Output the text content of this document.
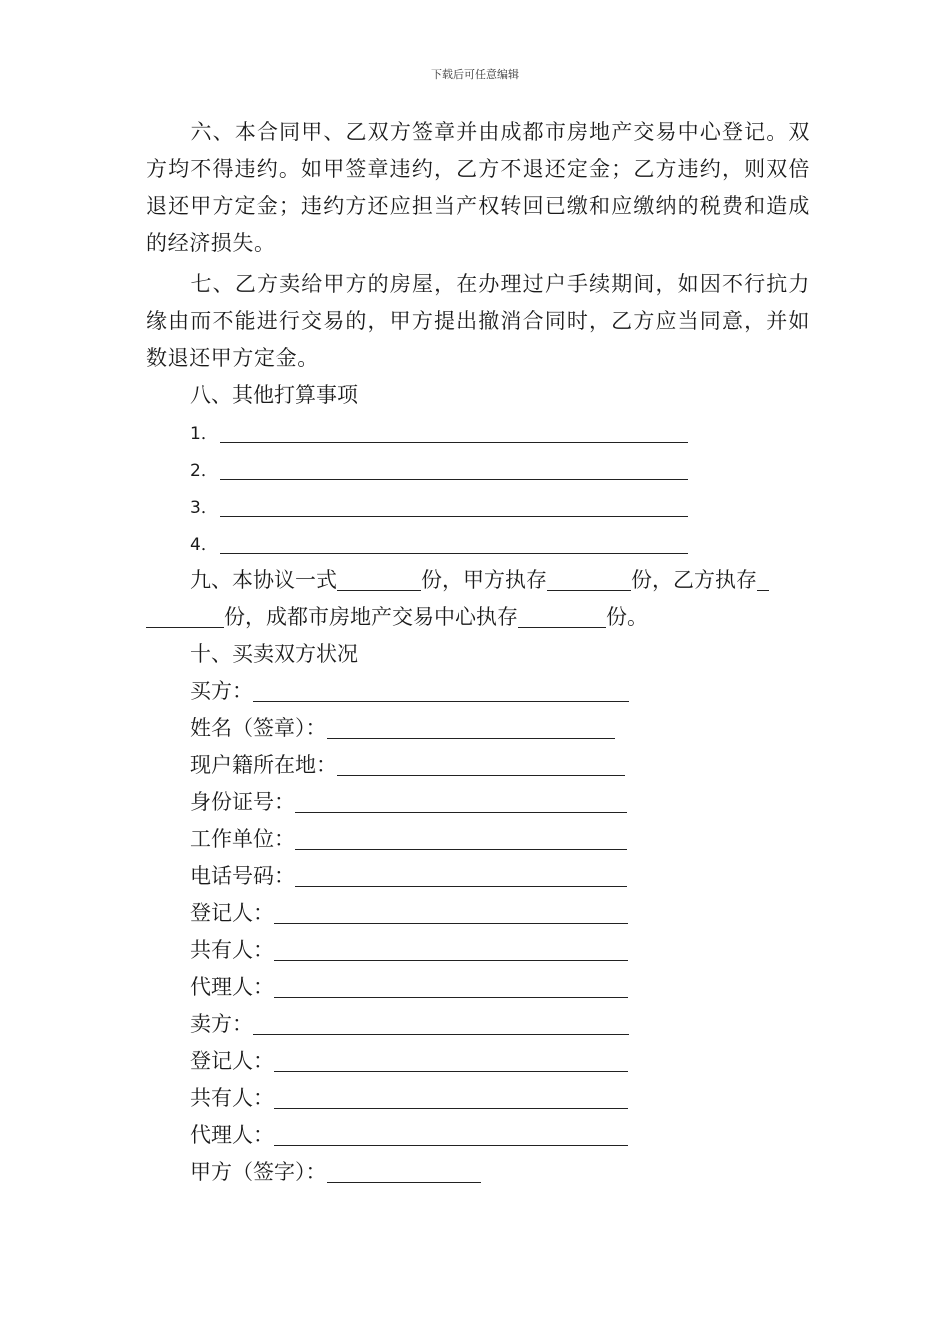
下载后可任意编辑
六、本合同甲、乙双方签章并由成都市房地产交易中心登记。双方均不得违约。如甲签章违约，乙方不退还定金；乙方违约，则双倍退还甲方定金；违约方还应担当产权转回已缴和应缴纳的税费和造成的经济损失。
七、乙方卖给甲方的房屋，在办理过户手续期间，如因不行抗力缘由而不能进行交易的，甲方提出撤消合同时，乙方应当同意，并如数退还甲方定金。
八、其他打算事项
1．
2．
3．
4．
九、本协议一式	份，甲方执存	份，乙方执存
份，成都市房地产交易中心执存	份。
十、买卖双方状况
买方：
姓名（签章）：
现户籍所在地：
身份证号：
工作单位：
电话号码：
登记人：
共有人：
代理人：
卖方：
登记人：
共有人：
代理人：
甲方（签字）：
